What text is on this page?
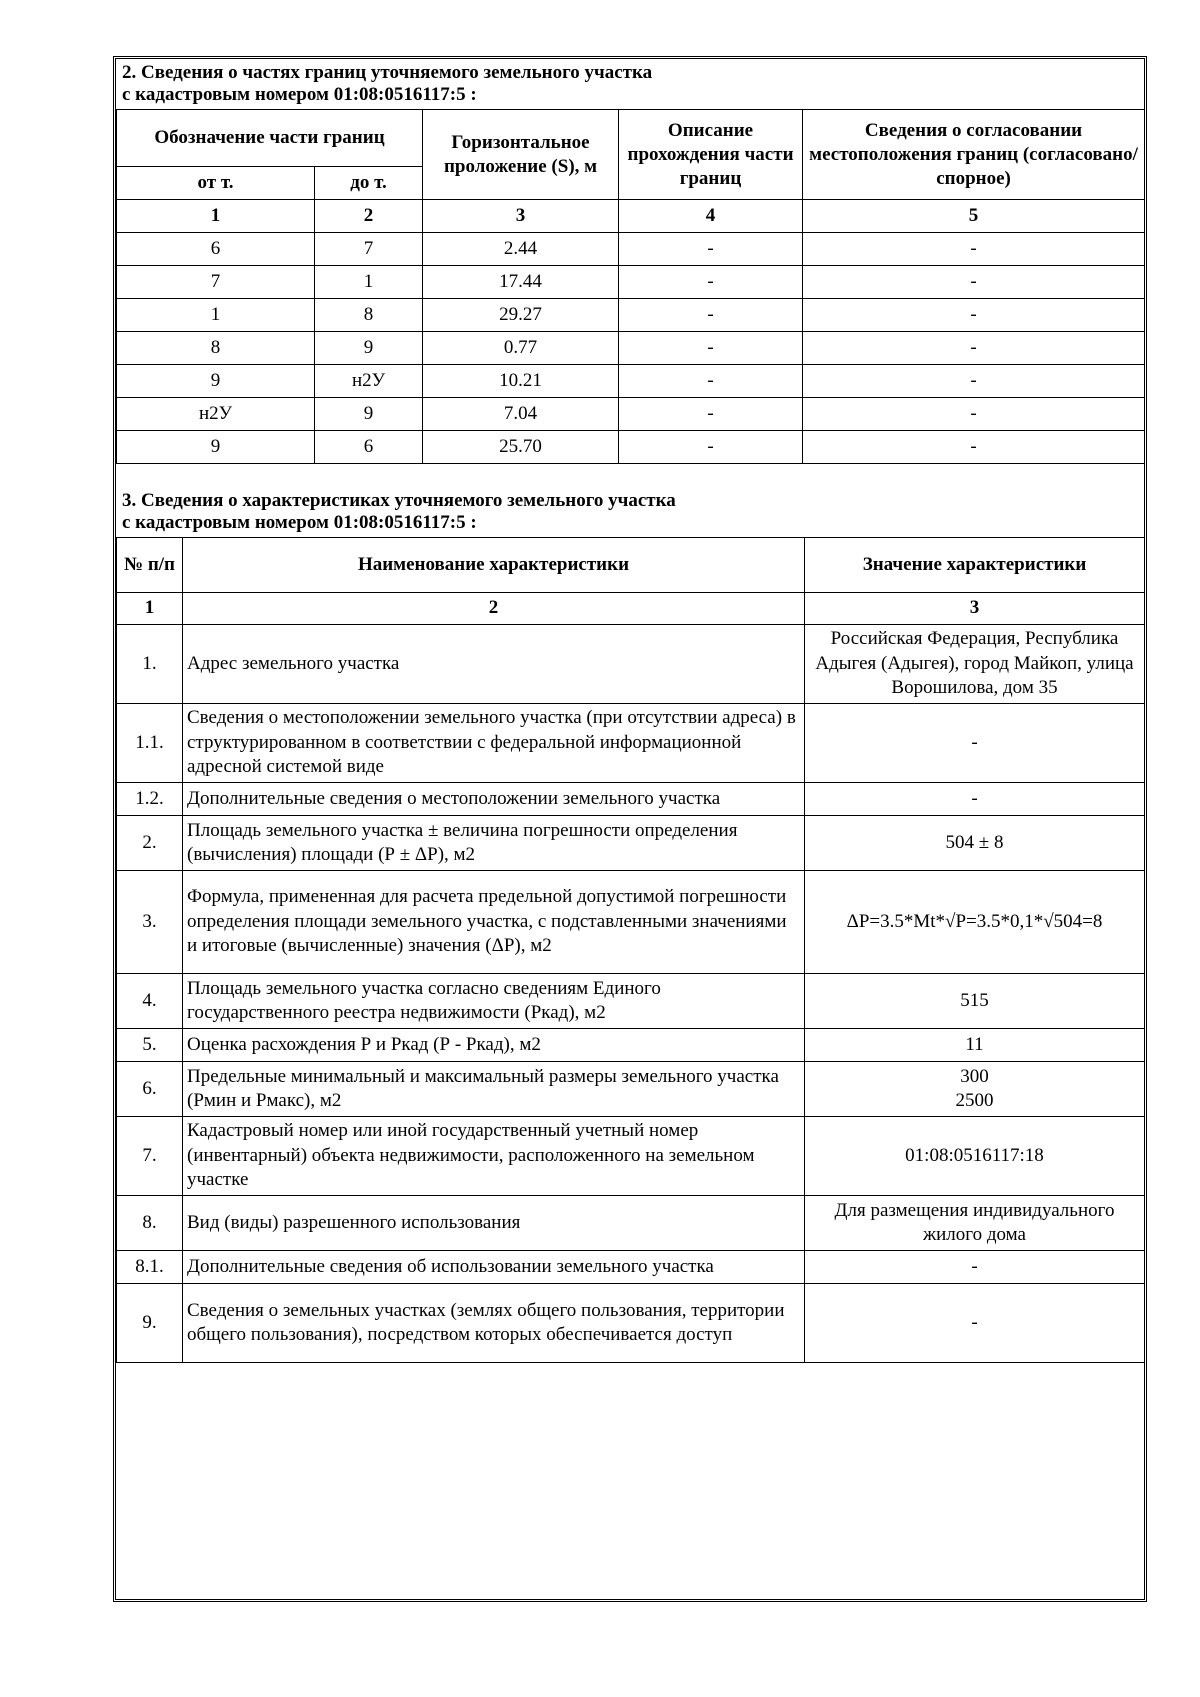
2. Сведения о частях границ уточняемого земельного участка
с кадастровым номером 01:08:0516117:5 :
Обозначение части границ		Горизонтальное проложение (S), м	Описание прохождения части границ	Сведения о согласовании местоположения границ (согласовано/спорное)
от т.	до т.			
1	2	3	4	5
6	7	2.44	-	-
7	1	17.44	-	-
1	8	29.27	-	-
8	9	0.77	-	-
9	н2У	10.21	-	-
н2У	9	7.04	-	-
9	6	25.70	-	-
3. Сведения о характеристиках уточняемого земельного участка
с кадастровым номером 01:08:0516117:5 :
№ п/п	Наименование характеристики	Значение характеристики
1	2	3
1.	Адрес земельного участка	Российская Федерация, Республика Адыгея (Адыгея), город Майкоп, улица Ворошилова, дом 35
1.1.	Сведения о местоположении земельного участка (при отсутствии адреса) в структурированном в соответствии с федеральной информационной адресной системой виде	-
1.2.	Дополнительные сведения о местоположении земельного участка	-
2.	Площадь земельного участка ± величина погрешности определения (вычисления) площади (Р ± ΔР), м2	504 ± 8
3.	Формула, примененная для расчета предельной допустимой погрешности определения площади земельного участка, с подставленными значениями и итоговые (вычисленные) значения (ΔР), м2	ΔР=3.5*Mt*√Р=3.5*0,1*√504=8
4.	Площадь земельного участка согласно сведениям Единого государственного реестра недвижимости (Ркад), м2	515
5.	Оценка расхождения Р и Ркад (Р - Ркад), м2	11
6.	Предельные минимальный и максимальный размеры земельного участка (Рмин и Рмакс), м2	300
2500

7.	Кадастровый номер или иной государственный учетный номер (инвентарный) объекта недвижимости, расположенного на земельном участке	01:08:0516117:18
8.	Вид (виды) разрешенного использования	Для размещения индивидуального жилого дома
8.1.	Дополнительные сведения об использовании земельного участка	-
9.	Сведения о земельных участках (землях общего пользования, территории общего пользования), посредством которых обеспечивается доступ	-
